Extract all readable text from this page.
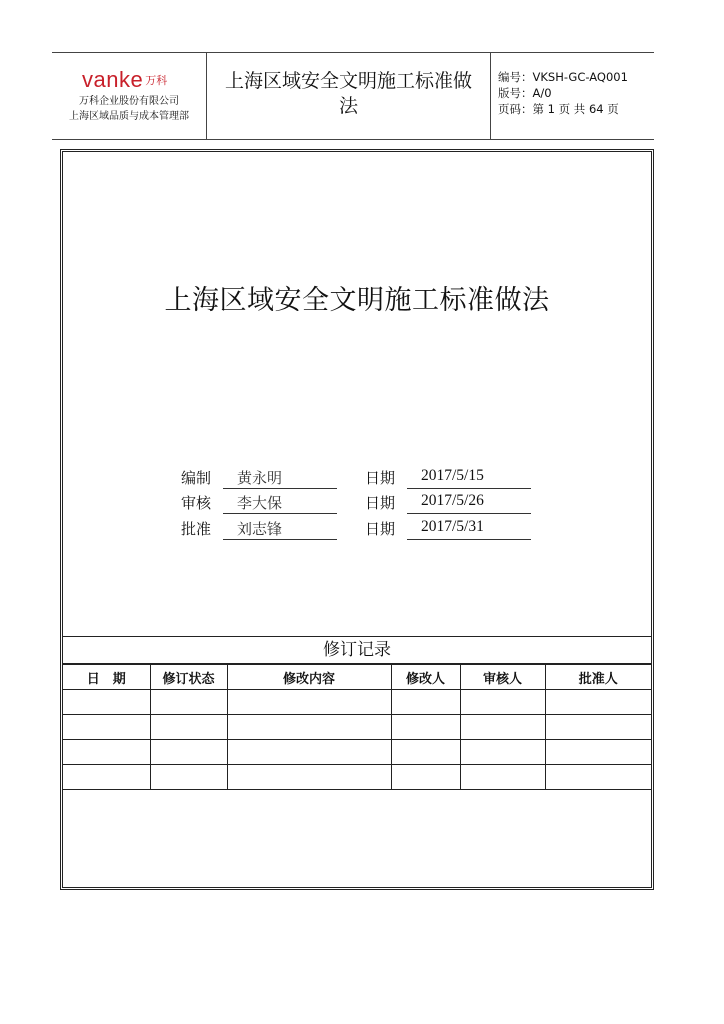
vanke 万科
万科企业股份有限公司
上海区域品质与成本管理部
上海区域安全文明施工标准做法
编号：VKSH-GC-AQ001
版号：A/0
页码：第 1 页 共 64 页
上海区域安全文明施工标准做法
编制	黄永明	日期	2017/5/15
审核	李大保	日期	2017/5/26
批准	刘志锋	日期	2017/5/31
修订记录
日　期	修订状态	修改内容	修改人	审核人	批准人
